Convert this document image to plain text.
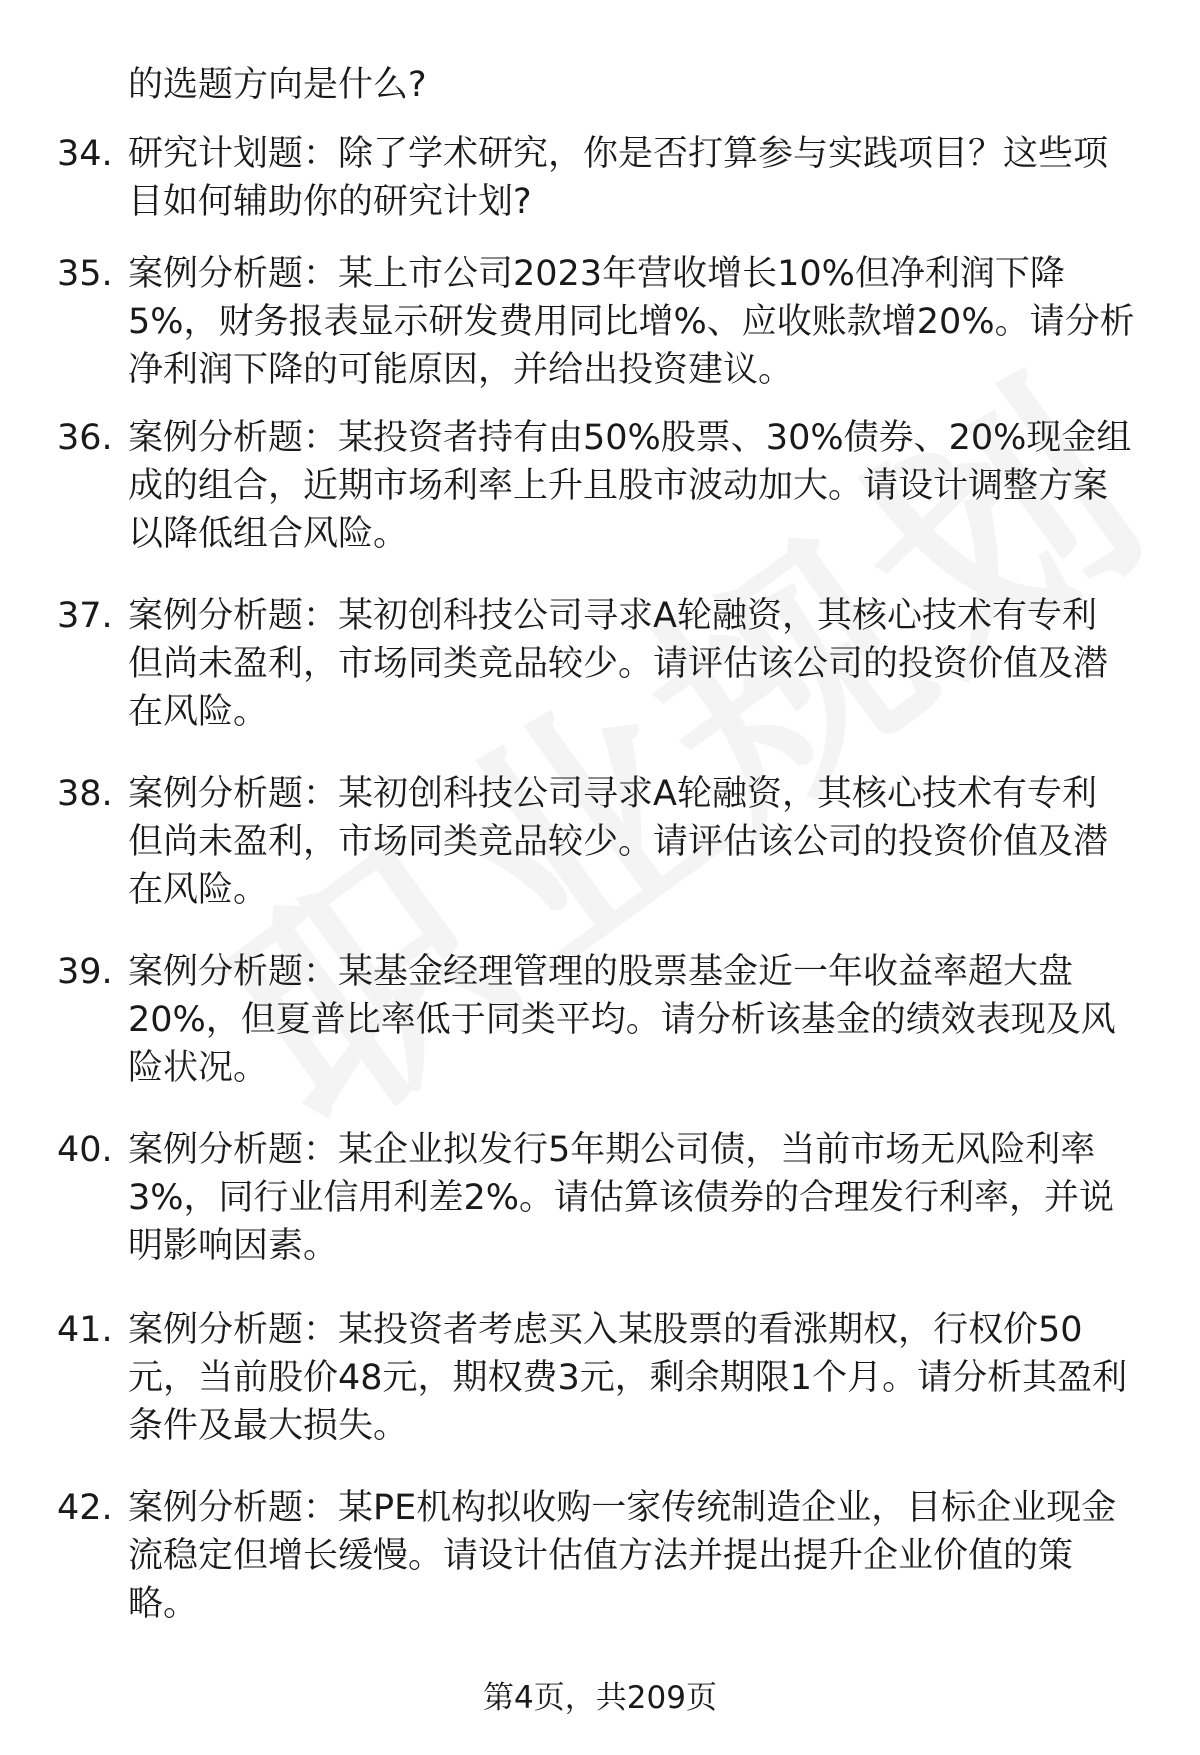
的选题方向是什么?
34. 研究计划题：除了学术研究，你是否打算参与实践项目？这些项
目如何辅助你的研究计划?
35. 案例分析题：某上市公司2023年营收增长10%但净利润下降
5%，财务报表显示研发费用同比增%、应收账款增20%。请分析
净利润下降的可能原因，并给出投资建议。
36. 案例分析题：某投资者持有由50%股票、30%债券、20%现金组
成的组合，近期市场利率上升且股市波动加大。请设计调整方案
以降低组合风险。
37. 案例分析题：某初创科技公司寻求A轮融资，其核心技术有专利
但尚未盈利，市场同类竞品较少。请评估该公司的投资价值及潜
在风险。
38. 案例分析题：某初创科技公司寻求A轮融资，其核心技术有专利
但尚未盈利，市场同类竞品较少。请评估该公司的投资价值及潜
在风险。
39. 案例分析题：某基金经理管理的股票基金近一年收益率超大盘
20%，但夏普比率低于同类平均。请分析该基金的绩效表现及风
险状况。
40. 案例分析题：某企业拟发行5年期公司债，当前市场无风险利率
3%，同行业信用利差2%。请估算该债券的合理发行利率，并说
明影响因素。
41. 案例分析题：某投资者考虑买入某股票的看涨期权，行权价50
元，当前股价48元，期权费3元，剩余期限1个月。请分析其盈利
条件及最大损失。
42. 案例分析题：某PE机构拟收购一家传统制造企业，目标企业现金
流稳定但增长缓慢。请设计估值方法并提出提升企业价值的策
略。
第4页，共209页
